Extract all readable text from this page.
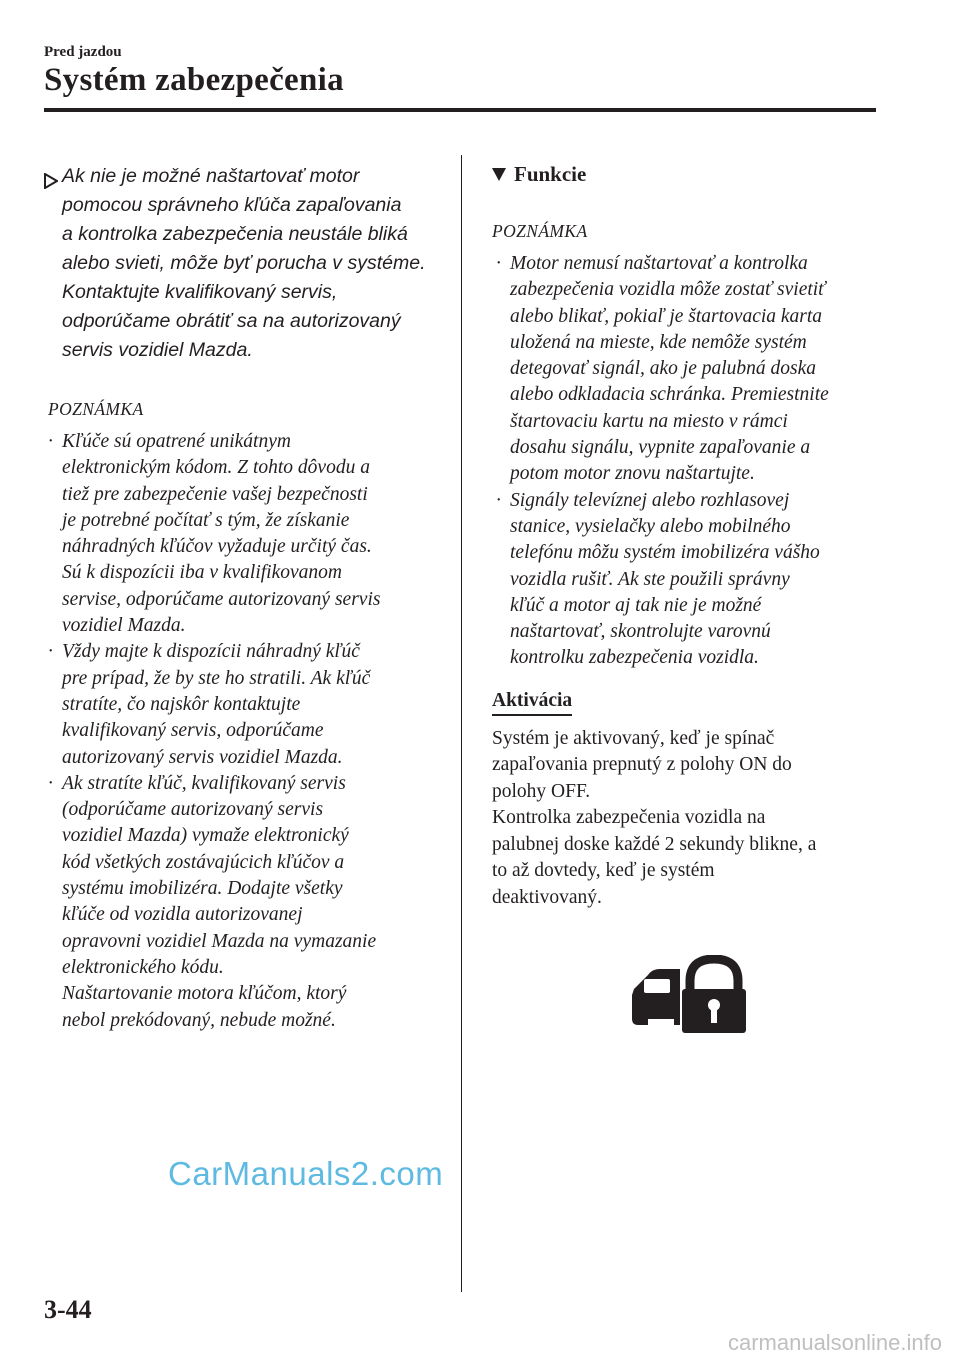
Pred jazdou
Systém zabezpečenia
Ak nie je možné naštartovať motor
pomocou správneho kľúča zapaľovania
a kontrolka zabezpečenia neustále bliká
alebo svieti, môže byť porucha v systéme.
Kontaktujte kvalifikovaný servis,
odporúčame obrátiť sa na autorizovaný
servis vozidiel Mazda.
POZNÁMKA
· Kľúče sú opatrené unikátnym
elektronickým kódom. Z tohto dôvodu a
tiež pre zabezpečenie vašej bezpečnosti
je potrebné počítať s tým, že získanie
náhradných kľúčov vyžaduje určitý čas.
Sú k dispozícii iba v kvalifikovanom
servise, odporúčame autorizovaný servis
vozidiel Mazda.
· Vždy majte k dispozícii náhradný kľúč
pre prípad, že by ste ho stratili. Ak kľúč
stratíte, čo najskôr kontaktujte
kvalifikovaný servis, odporúčame
autorizovaný servis vozidiel Mazda.
· Ak stratíte kľúč, kvalifikovaný servis
(odporúčame autorizovaný servis
vozidiel Mazda) vymaže elektronický
kód všetkých zostávajúcich kľúčov a
systému imobilizéra. Dodajte všetky
kľúče od vozidla autorizovanej
opravovni vozidiel Mazda na vymazanie
elektronického kódu.
Naštartovanie motora kľúčom, ktorý
nebol prekódovaný, nebude možné.
Funkcie
POZNÁMKA
· Motor nemusí naštartovať a kontrolka
zabezpečenia vozidla môže zostať svietiť
alebo blikať, pokiaľ je štartovacia karta
uložená na mieste, kde nemôže systém
detegovať signál, ako je palubná doska
alebo odkladacia schránka. Premiestnite
štartovaciu kartu na miesto v rámci
dosahu signálu, vypnite zapaľovanie a
potom motor znovu naštartujte.
· Signály televíznej alebo rozhlasovej
stanice, vysielačky alebo mobilného
telefónu môžu systém imobilizéra vášho
vozidla rušiť. Ak ste použili správny
kľúč a motor aj tak nie je možné
naštartovať, skontrolujte varovnú
kontrolku zabezpečenia vozidla.
Aktivácia
Systém je aktivovaný, keď je spínač
zapaľovania prepnutý z polohy ON do
polohy OFF.
Kontrolka zabezpečenia vozidla na
palubnej doske každé 2 sekundy blikne, a
to až dovtedy, keď je systém
deaktivovaný.
CarManuals2.com
3-44
carmanualsonline.info
